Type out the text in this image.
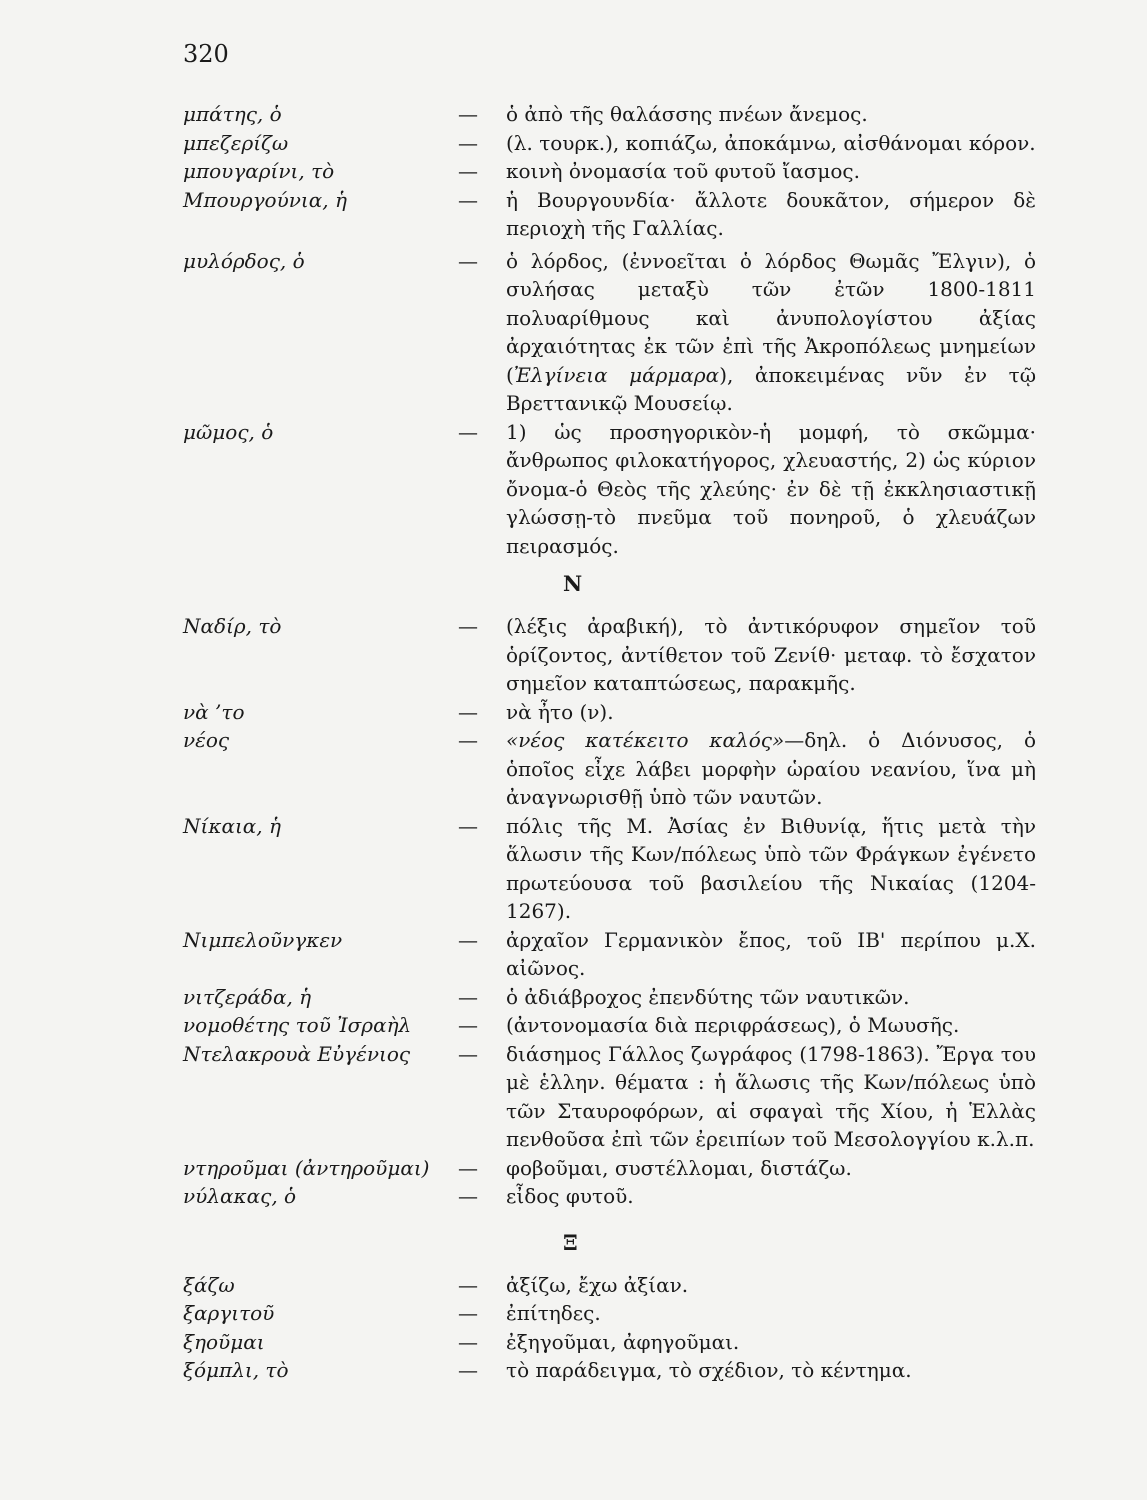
320
μπάτης, ὁ	—	ὁ ἀπὸ τῆς θαλάσσης πνέων ἄνεμος.
μπεζερίζω	—	(λ. τουρκ.), κοπιάζω, ἀποκάμνω, αἰσθάνομαι κόρον.
μπουγαρίνι, τὸ	—	κοινὴ ὀνομασία τοῦ φυτοῦ ἴασμος.
Μπουργούνια, ἡ	—	ἡ Βουργουνδία· ἄλλοτε δουκᾶτον, σήμερον δὲ περιοχὴ τῆς Γαλλίας.
μυλόρδος, ὁ	—	ὁ λόρδος, (ἐννοεῖται ὁ λόρδος Θωμᾶς Ἔλγιν), ὁ συλήσας μεταξὺ τῶν ἐτῶν 1800-1811 πολυαρίθμους καὶ ἀνυπολογίστου ἀξίας ἀρχαιότητας ἐκ τῶν ἐπὶ τῆς Ἀκροπόλεως μνημείων (Ἐλγίνεια μάρμαρα), ἀποκειμένας νῦν ἐν τῷ Βρεττανικῷ Μουσείῳ.
μῶμος, ὁ	—	1) ὡς προσηγορικὸν-ἡ μομφή, τὸ σκῶμμα· ἄνθρωπος φιλοκατήγορος, χλευαστής, 2) ὡς κύριον ὄνομα-ὁ Θεὸς τῆς χλεύης· ἐν δὲ τῇ ἐκκλησιαστικῇ γλώσσῃ-τὸ πνεῦμα τοῦ πονηροῦ, ὁ χλευάζων πειρασμός.
Ν
Ναδίρ, τὸ	—	(λέξις ἀραβική), τὸ ἀντικόρυφον σημεῖον τοῦ ὁρίζοντος, ἀντίθετον τοῦ Ζενίθ· μεταφ. τὸ ἔσχατον σημεῖον καταπτώσεως, παρακμῆς.
νὰ ’το	—	νὰ ἦτο (ν).
νέος	—	«νέος κατέκειτο καλός»—δηλ. ὁ Διόνυσος, ὁ ὁποῖος εἶχε λάβει μορφὴν ὡραίου νεανίου, ἵνα μὴ ἀναγνωρισθῇ ὑπὸ τῶν ναυτῶν.
Νίκαια, ἡ	—	πόλις τῆς Μ. Ἀσίας ἐν Βιθυνίᾳ, ἥτις μετὰ τὴν ἅλωσιν τῆς Κων/πόλεως ὑπὸ τῶν Φράγκων ἐγένετο πρωτεύουσα τοῦ βασιλείου τῆς Νικαίας (1204-1267).
Νιμπελοῦνγκεν	—	ἀρχαῖον Γερμανικὸν ἔπος, τοῦ ΙΒ' περίπου μ.Χ. αἰῶνος.
νιτζεράδα, ἡ	—	ὁ ἀδιάβροχος ἐπενδύτης τῶν ναυτικῶν.
νομοθέτης τοῦ Ἰσραὴλ	—	(ἀντονομασία διὰ περιφράσεως), ὁ Μωυσῆς.
Ντελακρουὰ Εὐγένιος	—	διάσημος Γάλλος ζωγράφος (1798-1863). Ἔργα του μὲ ἑλλην. θέματα : ἡ ἅλωσις τῆς Κων/πόλεως ὑπὸ τῶν Σταυροφόρων, αἱ σφαγαὶ τῆς Χίου, ἡ Ἑλλὰς πενθοῦσα ἐπὶ τῶν ἐρειπίων τοῦ Μεσολογγίου κ.λ.π.
ντηροῦμαι (ἀντηροῦμαι)	—	φοβοῦμαι, συστέλλομαι, διστάζω.
νύλακας, ὁ	—	εἶδος φυτοῦ.
Ξ
ξάζω	—	ἀξίζω, ἔχω ἀξίαν.
ξαργιτοῦ	—	ἐπίτηδες.
ξηοῦμαι	—	ἐξηγοῦμαι, ἀφηγοῦμαι.
ξόμπλι, τὸ	—	τὸ παράδειγμα, τὸ σχέδιον, τὸ κέντημα.
